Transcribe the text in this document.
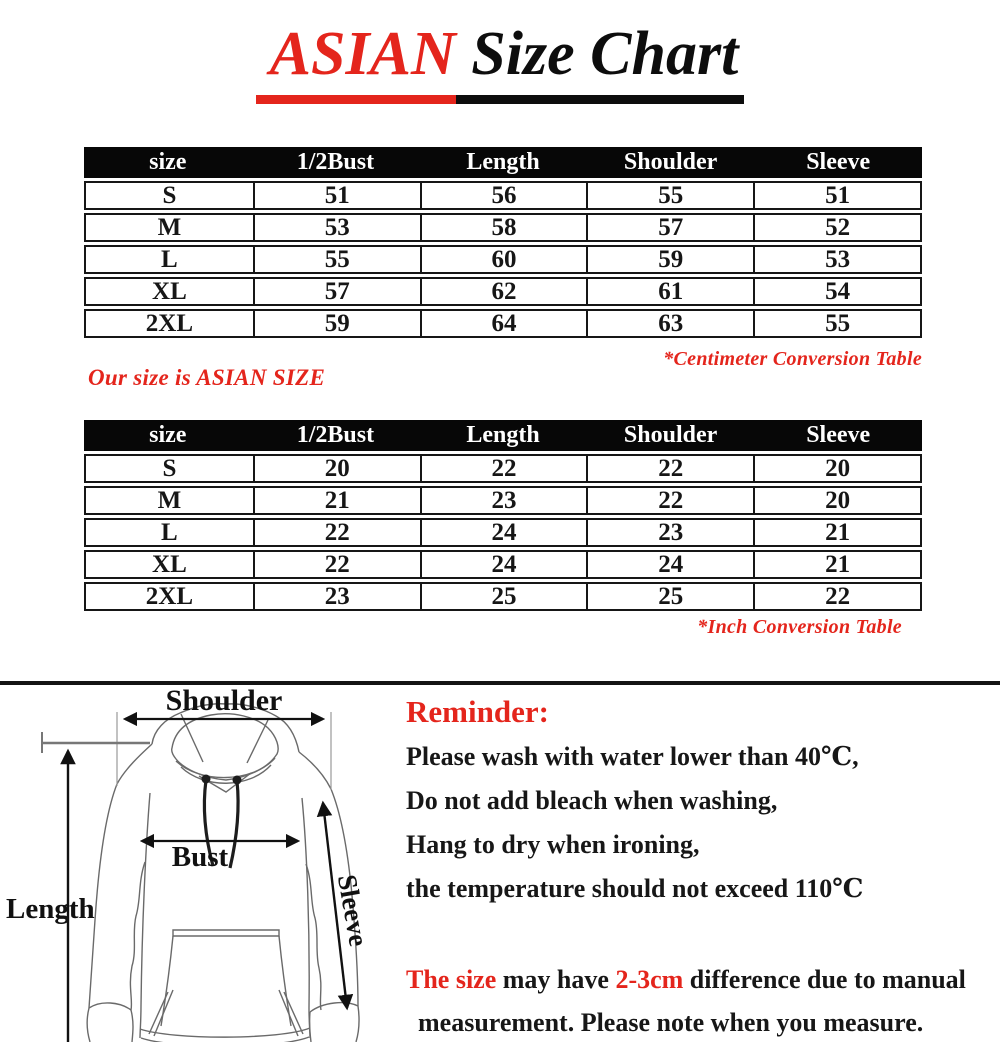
ASIAN Size Chart
size	1/2Bust	Length	Shoulder	Sleeve
S	51	56	55	51
M	53	58	57	52
L	55	60	59	53
XL	57	62	61	54
2XL	59	64	63	55
*Centimeter Conversion Table
Our size is ASIAN SIZE
size	1/2Bust	Length	Shoulder	Sleeve
S	20	22	22	20
M	21	23	22	20
L	22	24	23	21
XL	22	24	24	21
2XL	23	25	25	22
*Inch Conversion Table
Shoulder
Length
Bust
Sleeve
Reminder:

Please wash with water lower than 40℃,

Do not add bleach when washing,

Hang to dry when ironing,

the temperature should not exceed 110℃

The size may have 2-3cm difference due to manual
measurement. Please note when you measure.
